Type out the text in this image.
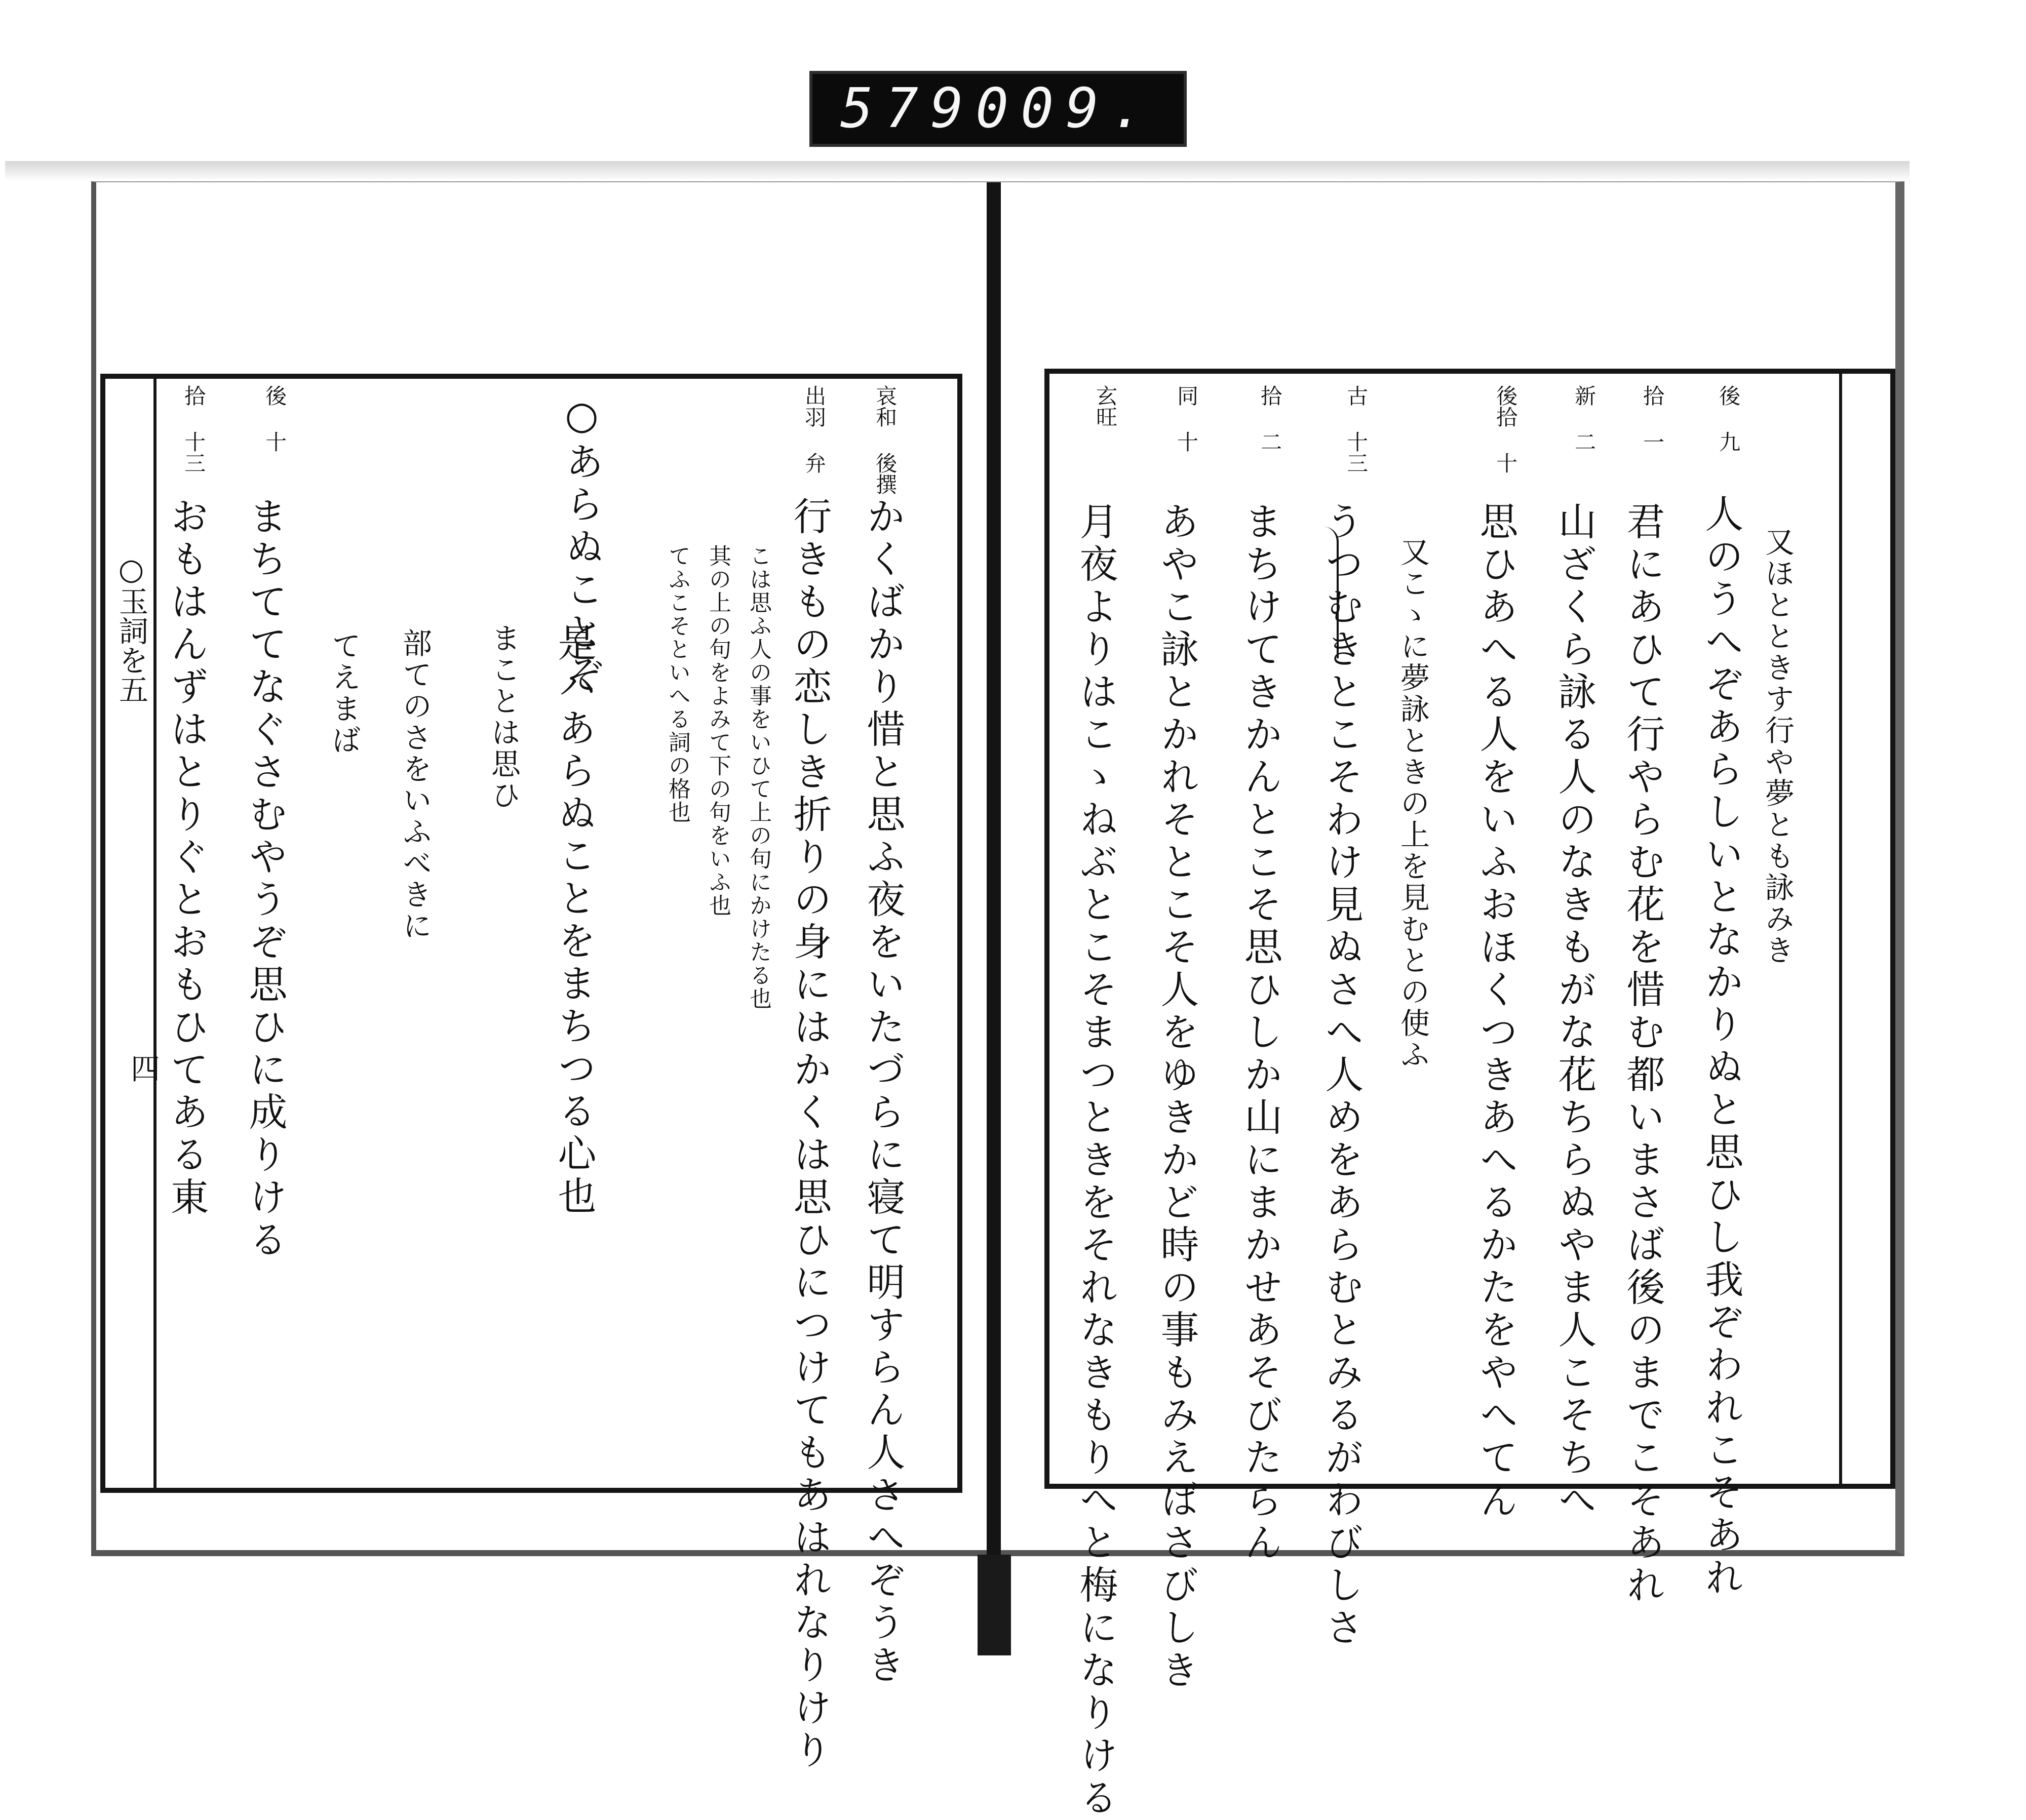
579 009.
四
○玉詞を五	又ほとときす行や夢とも詠みき
後 九
人のうへぞあらしいとなかりぬと思ひし我ぞわれこそあれ
拾 一
君にあひて行やらむ花を惜む都いまさば後のまでこそあれ
新 二
山ざくら詠る人のなきもがな花ちらぬやま人こそちへ
後拾 十
思ひあへる人をいふおほくつきあへるかたをやへてん
又こゝに夢詠ときの上を見むとの使ふ
古 十三
うつむきとこそわけ見ぬさへ人めをあらむとみるがわびしさ
拾 二
まちけてきかんとこそ思ひしか山にまかせあそびたらん
同 十
あやこ詠とかれそとこそ人をゆきかど時の事もみえばさびしき
玄旺
月夜よりはこゝねぶとこそまつときをそれなきもりへと梅になりける
哀和 後撰
かくばかり惜と思ふ夜をいたづらに寝て明すらん人さへぞうき
出羽 弁
行きもの恋しき折りの身にはかくは思ひにつけてもあはれなりけり
こは思ふ人の事をいひて上の句にかけたる也
其の上の句をよみて下の句をいふ也
てふこそといへる詞の格也
○あらぬことぞ
是ハあらぬことをまちつる心也
まことは思ひ
部てのさをいふべきに
てえまば
後 十
まちててなぐさむやうぞ思ひに成りける
拾 十三
おもはんずはとりぐとおもひてある東
